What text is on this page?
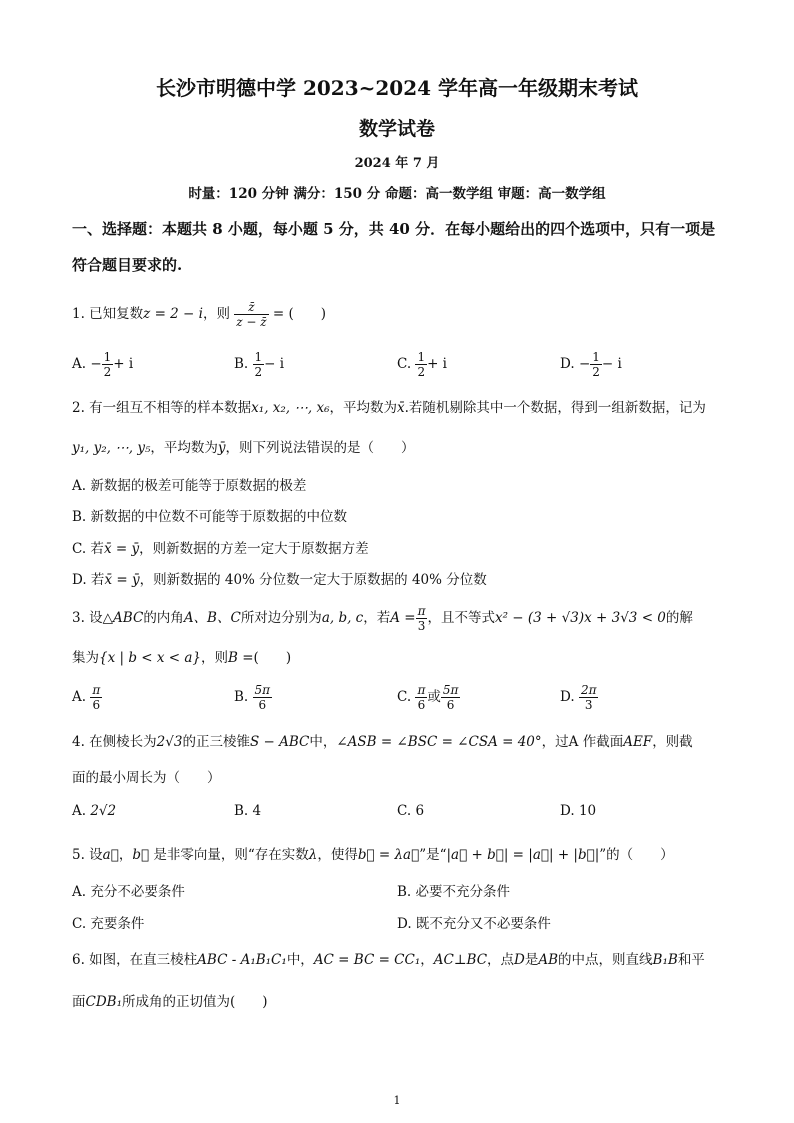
长沙市明德中学 2023~2024 学年高一年级期末考试
数学试卷
2024 年 7 月
时量：120 分钟 满分：150 分 命题：高一数学组 审题：高一数学组
一、选择题：本题共 8 小题，每小题 5 分，共 40 分．在每小题给出的四个选项中，只有一项是
符合题目要求的.
1. 已知复数z = 2 − i，则 $\frac{z̄}{z - z̄}$ = (　　)
A. − $\frac{1}{2} + i$	B. $\frac{1}{2} - i$	C. $\frac{1}{2} + i$	D. − $\frac{1}{2} - i$
2. 有一组互不相等的样本数据x₁, x₂, ⋯, x₆，平均数为x̄.若随机剔除其中一个数据，得到一组新数据，记为
y₁, y₂, ⋯, y₅，平均数为ȳ，则下列说法错误的是（　　）
A. 新数据的极差可能等于原数据的极差
B. 新数据的中位数不可能等于原数据的中位数
C. 若x̄ = ȳ，则新数据的方差一定大于原数据方差
D. 若x̄ = ȳ，则新数据的 40% 分位数一定大于原数据的 40% 分位数
3. 设△ABC的内角A、B、C所对边分别为a, b, c，若$A = \frac{\pi}{3}$ ，且不等式x² − (3 + √3)x + 3√3 < 0的解
集为{x | b < x < a}，则B =(　　)
A. $\frac{\pi}{6}$	B. $\frac{5\pi}{6}$	C. $\frac{\pi}{6}$ 或 $\frac{5\pi}{6}$	D. $\frac{2\pi}{3}$
4. 在侧棱长为2√3的正三棱锥S − ABC中，∠ASB = ∠BSC = ∠CSA = 40°，过A 作截面AEF，则截
面的最小周长为（　　）
A. 2√2	B. 4	C. 6	D. 10
5. 设a⃗，b⃗ 是非零向量，则“存在实数λ，使得b⃗ = λa⃗”是“|a⃗ + b⃗| = |a⃗| + |b⃗|”的（　　）
A. 充分不必要条件	B. 必要不充分条件
C. 充要条件	D. 既不充分又不必要条件
6. 如图，在直三棱柱ABC - A₁B₁C₁中，AC = BC = CC₁，AC⊥BC，点D是AB的中点，则直线B₁B和平
面CDB₁所成角的正切值为(　　)
1
